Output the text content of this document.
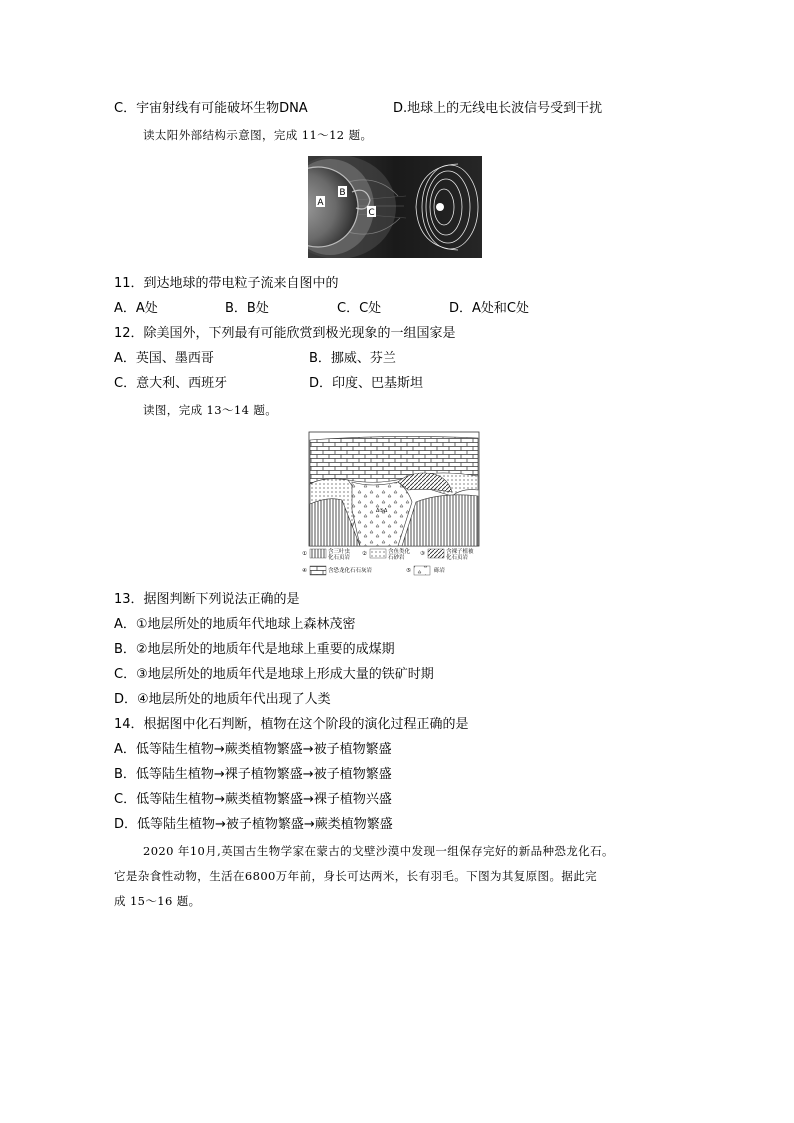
C．宇宙射线有可能破坏生物DNA	D.地球上的无线电长波信号受到干扰
读太阳外部结构示意图，完成 11～12 题。
A
B
C
11．到达地球的带电粒子流来自图中的
A．A处	B．B处	C．C处	D．A处和C处
12．除美国外，下列最有可能欣赏到极光现象的一组国家是
A．英国、墨西哥	B．挪威、芬兰
C．意大利、西班牙	D．印度、巴基斯坦
读图，完成 13～14 题。
Δ⑤Δ
①	含三叶虫
化石页岩
②	含鱼类化
石砂岩
③	含裸子植被
化石页岩
④	含恐龙化石石灰岩	⑤	砾岩
13．据图判断下列说法正确的是
A．①地层所处的地质年代地球上森林茂密
B．②地层所处的地质年代是地球上重要的成煤期
C．③地层所处的地质年代是地球上形成大量的铁矿时期
D．④地层所处的地质年代出现了人类
14．根据图中化石判断，植物在这个阶段的演化过程正确的是
A．低等陆生植物→蕨类植物繁盛→被子植物繁盛
B．低等陆生植物→裸子植物繁盛→被子植物繁盛
C．低等陆生植物→蕨类植物繁盛→裸子植物兴盛
D．低等陆生植物→被子植物繁盛→蕨类植物繁盛
2020 年10月,英国古生物学家在蒙古的戈壁沙漠中发现一组保存完好的新品种恐龙化石。
它是杂食性动物，生活在6800万年前，身长可达两米，长有羽毛。下图为其复原图。据此完
成 15～16 题。
